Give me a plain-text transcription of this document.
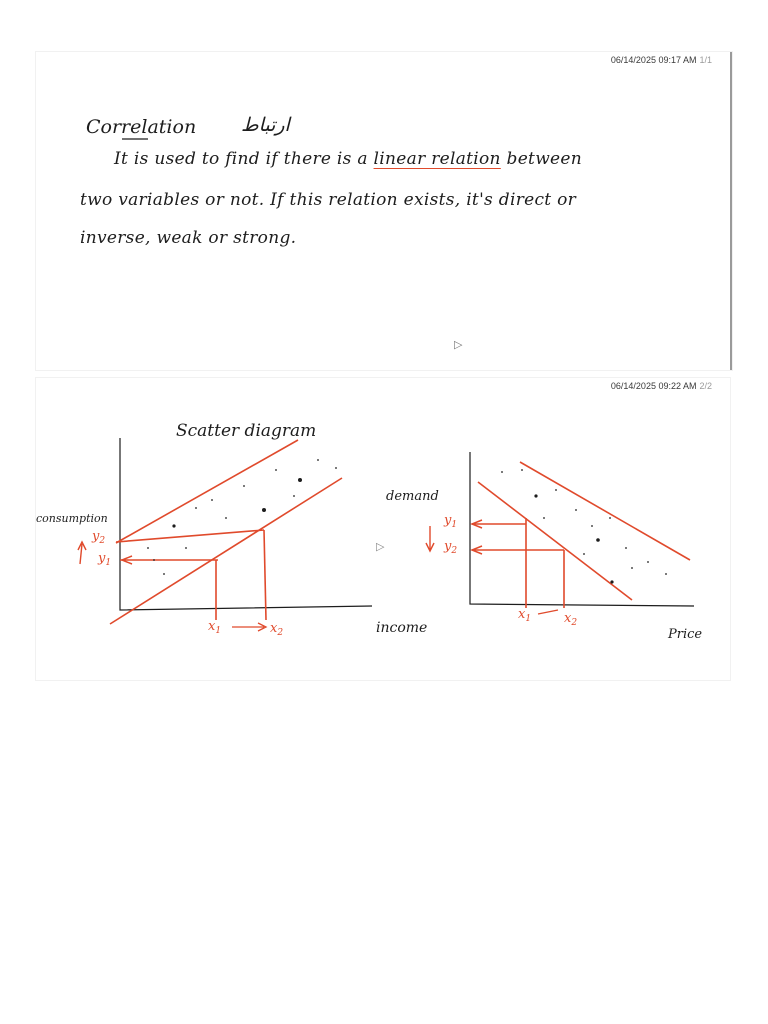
06/14/2025 09:17 AM 1/1
Correlation ارتباط
It is used to find if there is a linear relation between
two variables or not. If this relation exists, it's direct or
inverse, weak or strong.
▷
06/14/2025 09:22 AM 2/2
Scatter diagram
consumption
income
$y_2$
$y_1$
$x_1$	$x_2$
▷
demand
Price
$y_1$
$y_2$
$x_1$	$x_2$
